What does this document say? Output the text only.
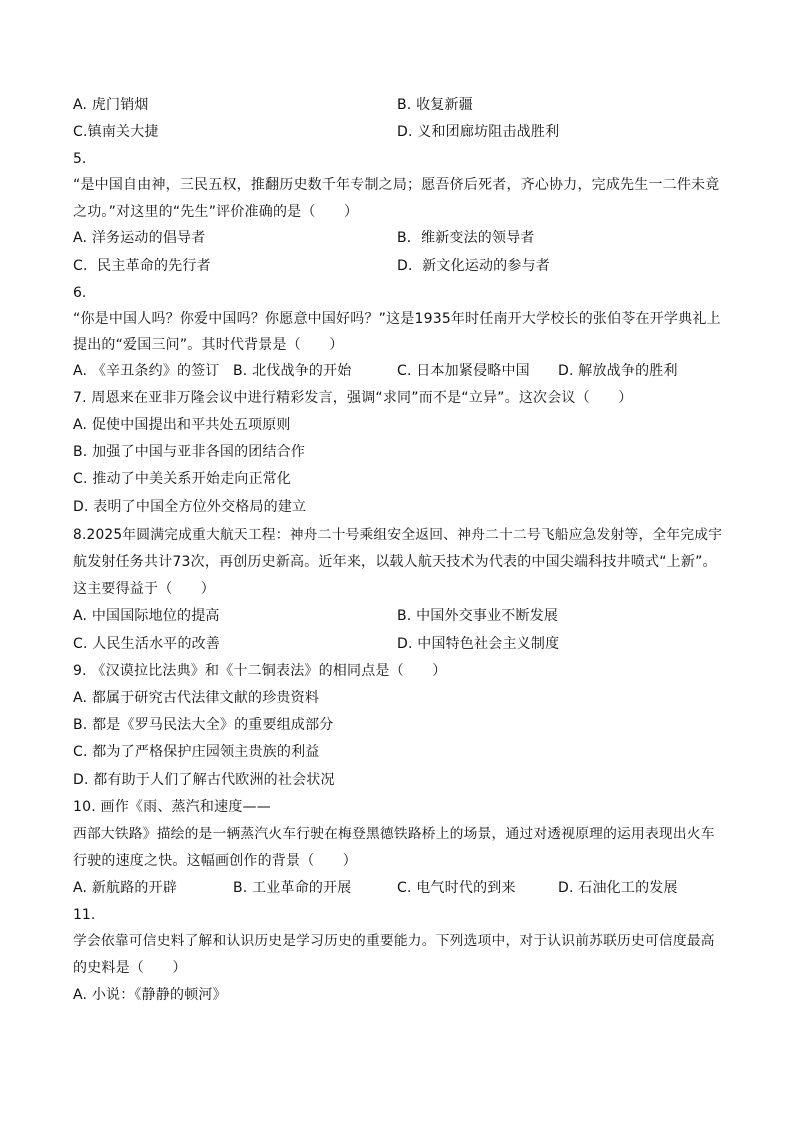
A. 虎门销烟	B. 收复新疆
C.镇南关大捷	D. 义和团廊坊阻击战胜利
5.
“是中国自由神，三民五权，推翻历史数千年专制之局；愿吾侪后死者，齐心协力，完成先生一二件未竟
之功。”对这里的“先生”评价准确的是（　　）
A. 洋务运动的倡导者	B．维新变法的领导者
C．民主革命的先行者	D．新文化运动的参与者
6.
“你是中国人吗？你爱中国吗？你愿意中国好吗？”这是1935年时任南开大学校长的张伯苓在开学典礼上
提出的“爱国三问”。其时代背景是（　　）
A. 《辛丑条约》的签订 B. 北伐战争的开始	C. 日本加紧侵略中国 D. 解放战争的胜利
7. 周恩来在亚非万隆会议中进行精彩发言，强调“求同”而不是“立异”。这次会议（　　）
A. 促使中国提出和平共处五项原则
B. 加强了中国与亚非各国的团结合作
C. 推动了中美关系开始走向正常化
D. 表明了中国全方位外交格局的建立
8.2025年圆满完成重大航天工程：神舟二十号乘组安全返回、神舟二十二号飞船应急发射等，全年完成宇
航发射任务共计73次，再创历史新高。近年来，以载人航天技术为代表的中国尖端科技井喷式“上新”。
这主要得益于（　　）
A. 中国国际地位的提高	B. 中国外交事业不断发展
C. 人民生活水平的改善	D. 中国特色社会主义制度
9. 《汉谟拉比法典》和《十二铜表法》的相同点是（　　）
A. 都属于研究古代法律文献的珍贵资料
B. 都是《罗马民法大全》的重要组成部分
C. 都为了严格保护庄园领主贵族的利益
D. 都有助于人们了解古代欧洲的社会状况
10. 画作《雨、蒸汽和速度——
西部大铁路》描绘的是一辆蒸汽火车行驶在梅登黑德铁路桥上的场景，通过对透视原理的运用表现出火车
行驶的速度之快。这幅画创作的背景（　　）
A. 新航路的开辟	B. 工业革命的开展	C. 电气时代的到来	D. 石油化工的发展
11.
学会依靠可信史料了解和认识历史是学习历史的重要能力。下列选项中，对于认识前苏联历史可信度最高
的史料是（　　）
A. 小说：《静静的顿河》
